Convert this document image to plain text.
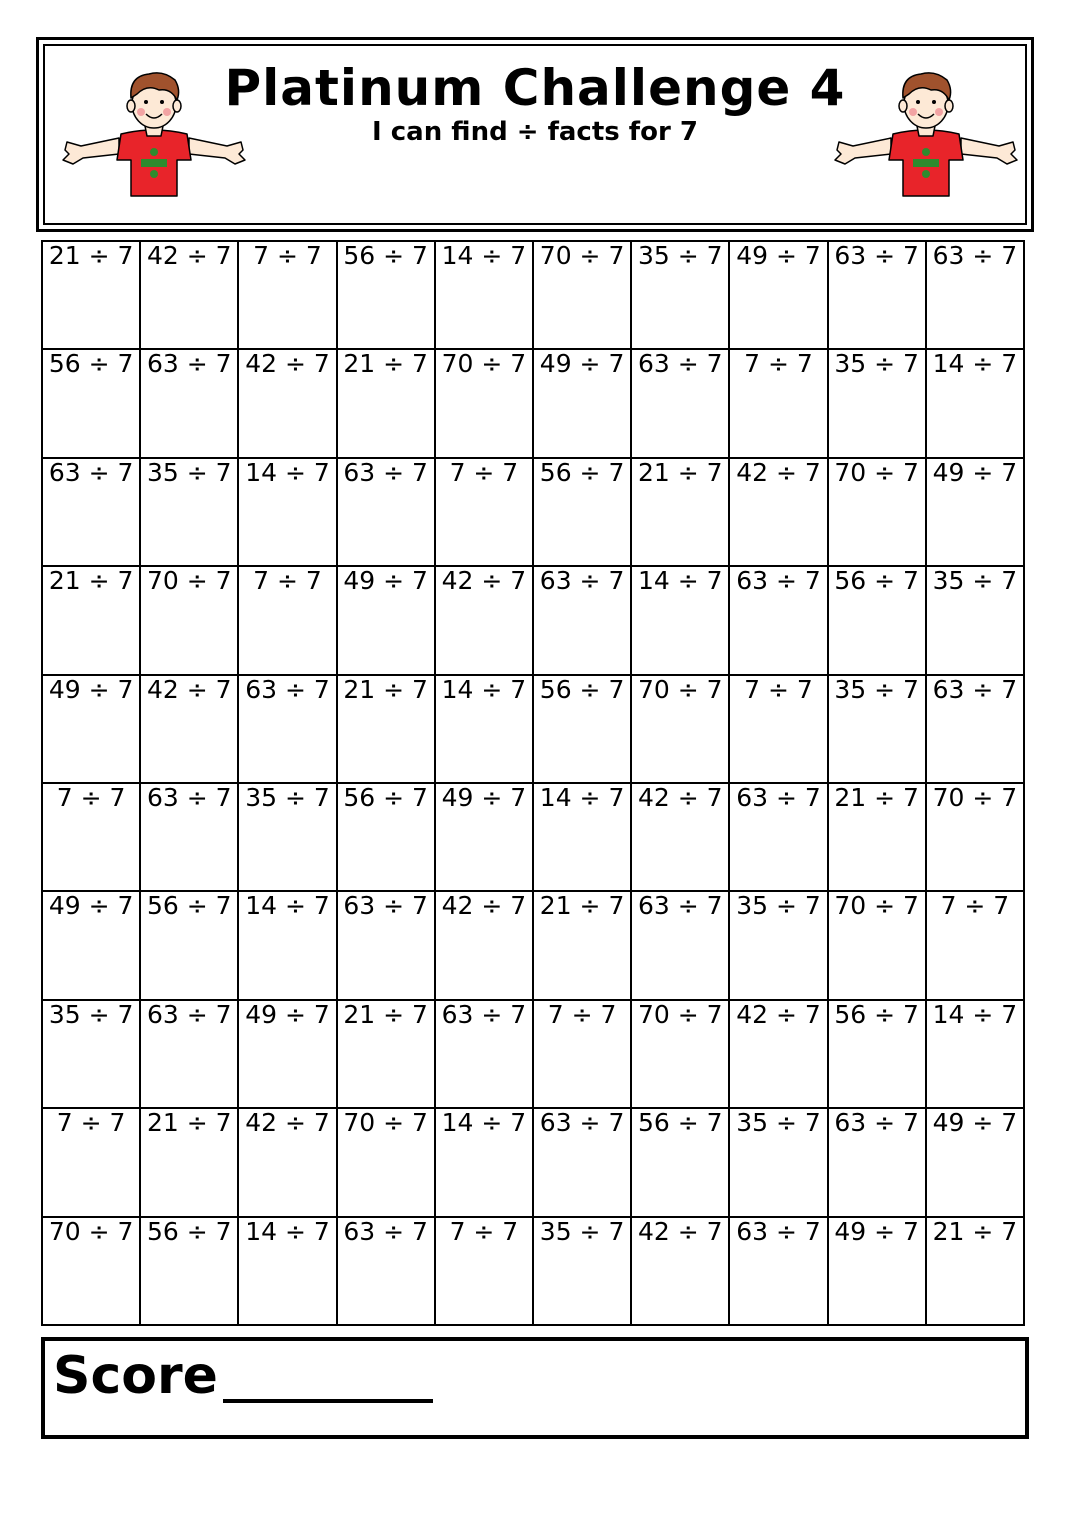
Platinum Challenge 4
I can find ÷ facts for 7
21 ÷ 7 42 ÷ 7 7 ÷ 7 56 ÷ 7 14 ÷ 7 70 ÷ 7 35 ÷ 7 49 ÷ 7 63 ÷ 7 63 ÷ 7
56 ÷ 7 63 ÷ 7 42 ÷ 7 21 ÷ 7 70 ÷ 7 49 ÷ 7 63 ÷ 7 7 ÷ 7 35 ÷ 7 14 ÷ 7
63 ÷ 7 35 ÷ 7 14 ÷ 7 63 ÷ 7 7 ÷ 7 56 ÷ 7 21 ÷ 7 42 ÷ 7 70 ÷ 7 49 ÷ 7
21 ÷ 7 70 ÷ 7 7 ÷ 7 49 ÷ 7 42 ÷ 7 63 ÷ 7 14 ÷ 7 63 ÷ 7 56 ÷ 7 35 ÷ 7
49 ÷ 7 42 ÷ 7 63 ÷ 7 21 ÷ 7 14 ÷ 7 56 ÷ 7 70 ÷ 7 7 ÷ 7 35 ÷ 7 63 ÷ 7
7 ÷ 7 63 ÷ 7 35 ÷ 7 56 ÷ 7 49 ÷ 7 14 ÷ 7 42 ÷ 7 63 ÷ 7 21 ÷ 7 70 ÷ 7
49 ÷ 7 56 ÷ 7 14 ÷ 7 63 ÷ 7 42 ÷ 7 21 ÷ 7 63 ÷ 7 35 ÷ 7 70 ÷ 7 7 ÷ 7
35 ÷ 7 63 ÷ 7 49 ÷ 7 21 ÷ 7 63 ÷ 7 7 ÷ 7 70 ÷ 7 42 ÷ 7 56 ÷ 7 14 ÷ 7
7 ÷ 7 21 ÷ 7 42 ÷ 7 70 ÷ 7 14 ÷ 7 63 ÷ 7 56 ÷ 7 35 ÷ 7 63 ÷ 7 49 ÷ 7
70 ÷ 7 56 ÷ 7 14 ÷ 7 63 ÷ 7 7 ÷ 7 35 ÷ 7 42 ÷ 7 63 ÷ 7 49 ÷ 7 21 ÷ 7
Score
